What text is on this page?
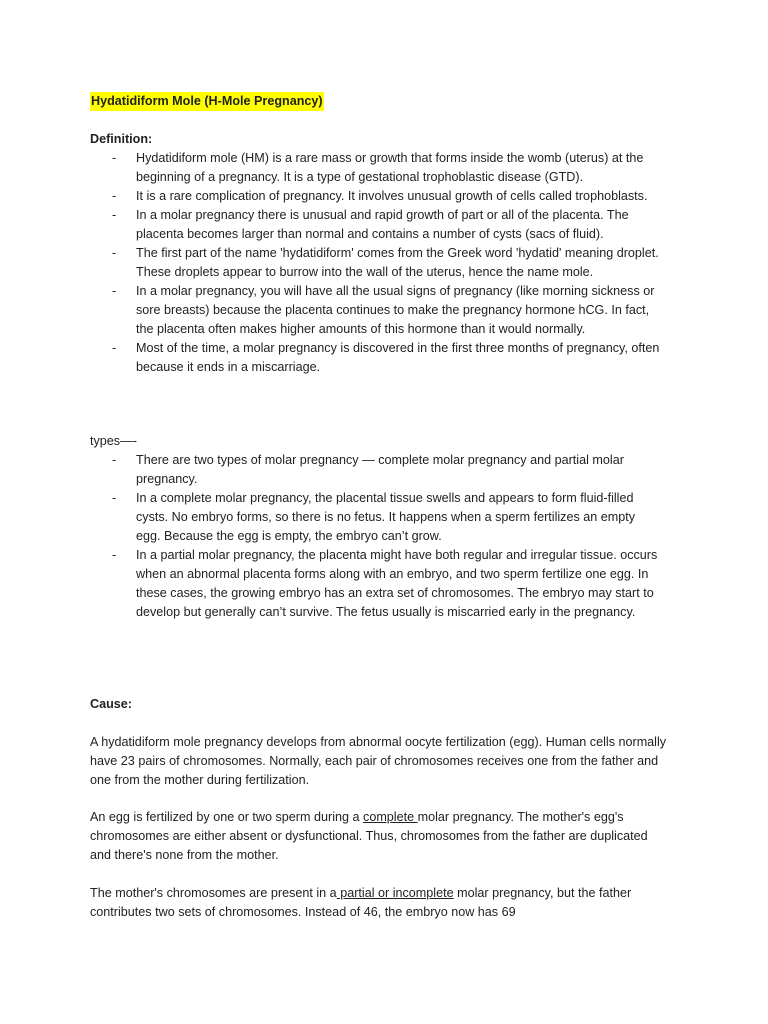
Hydatidiform Mole (H-Mole Pregnancy)
Definition:
- Hydatidiform mole (HM) is a rare mass or growth that forms inside the womb (uterus) at the beginning of a pregnancy. It is a type of gestational trophoblastic disease (GTD).
- It is a rare complication of pregnancy. It involves unusual growth of cells called trophoblasts.
- In a molar pregnancy there is unusual and rapid growth of part or all of the placenta. The placenta becomes larger than normal and contains a number of cysts (sacs of fluid).
- The first part of the name 'hydatidiform' comes from the Greek word 'hydatid' meaning droplet. These droplets appear to burrow into the wall of the uterus, hence the name mole.
- In a molar pregnancy, you will have all the usual signs of pregnancy (like morning sickness or sore breasts) because the placenta continues to make the pregnancy hormone hCG. In fact, the placenta often makes higher amounts of this hormone than it would normally.
- Most of the time, a molar pregnancy is discovered in the first three months of pregnancy, often because it ends in a miscarriage.
types—-
- There are two types of molar pregnancy — complete molar pregnancy and partial molar pregnancy.
- In a complete molar pregnancy, the placental tissue swells and appears to form fluid-filled cysts. No embryo forms, so there is no fetus. It happens when a sperm fertilizes an empty egg. Because the egg is empty, the embryo can’t grow.
- In a partial molar pregnancy, the placenta might have both regular and irregular tissue. occurs when an abnormal placenta forms along with an embryo, and two sperm fertilize one egg. In these cases, the growing embryo has an extra set of chromosomes. The embryo may start to develop but generally can’t survive. The fetus usually is miscarried early in the pregnancy.
Cause:

A hydatidiform mole pregnancy develops from abnormal oocyte fertilization (egg). Human cells normally have 23 pairs of chromosomes. Normally, each pair of chromosomes receives one from the father and one from the mother during fertilization.

An egg is fertilized by one or two sperm during a complete molar pregnancy. The mother's egg's chromosomes are either absent or dysfunctional. Thus, chromosomes from the father are duplicated and there's none from the mother.

The mother's chromosomes are present in a partial or incomplete molar pregnancy, but the father contributes two sets of chromosomes. Instead of 46, the embryo now has 69
